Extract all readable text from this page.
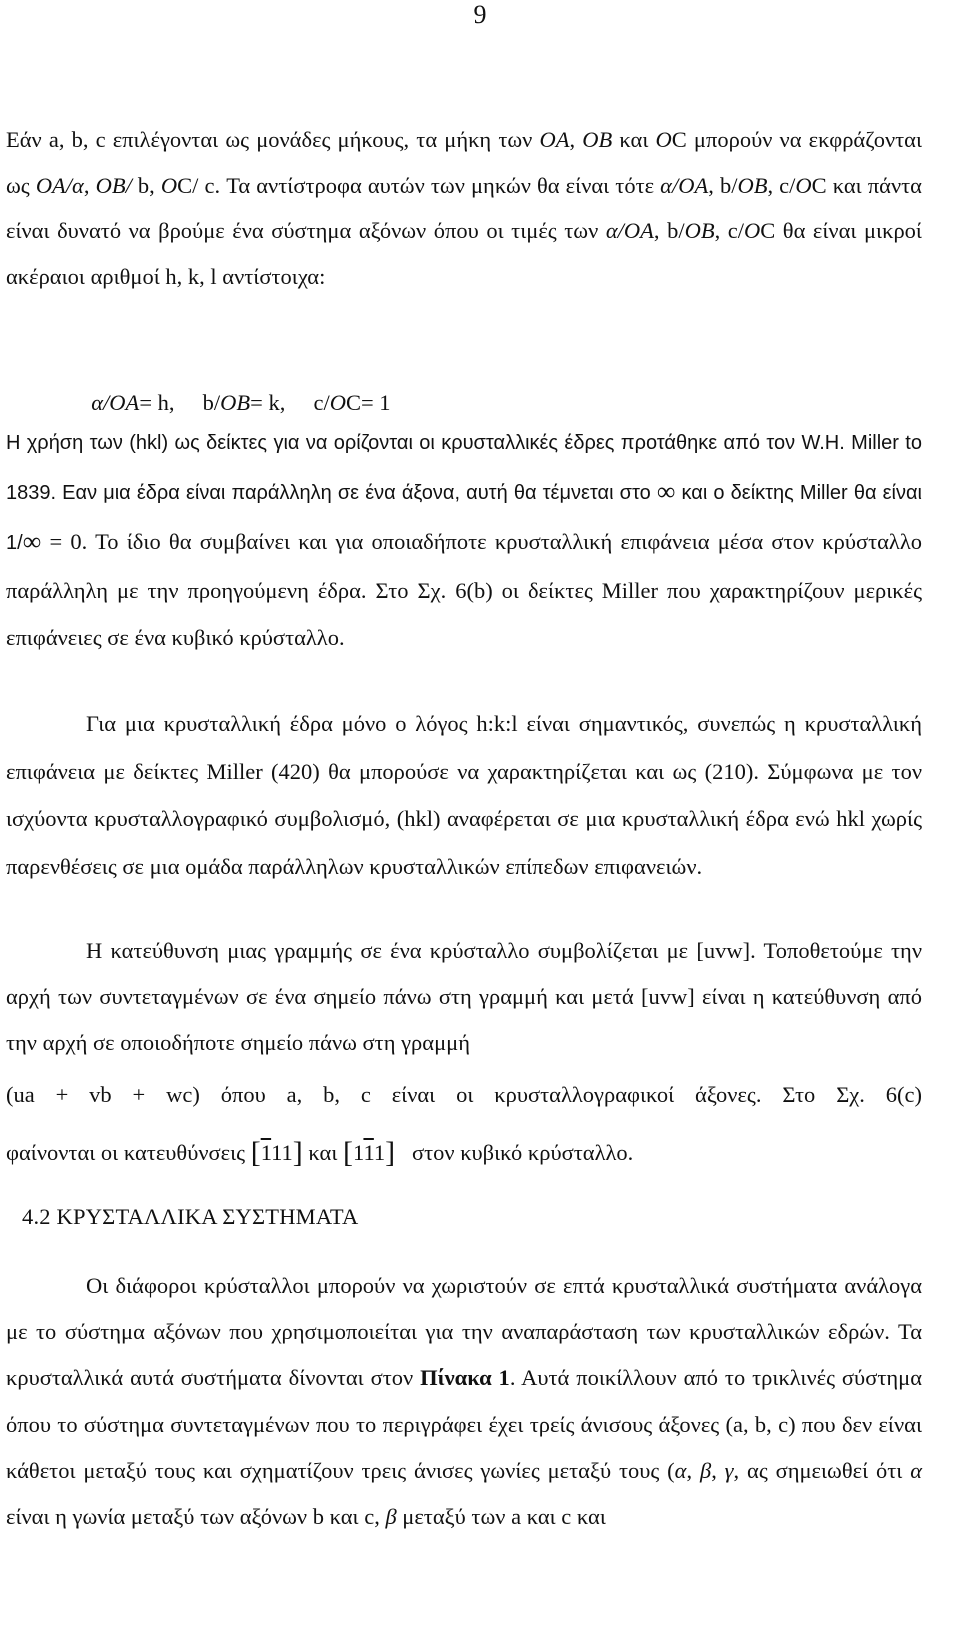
9
Εάν a, b, c επιλέγονται ως μονάδες μήκους, τα μήκη των OA, OB και OC μπορούν να εκφράζονται ως OA/α, OB/ b, OC/ c. Τα αντίστροφα αυτών των μηκών θα είναι τότε α/OA, b/OB, c/OC και πάντα είναι δυνατό να βρούμε ένα σύστημα αξόνων όπου οι τιμές των α/OA, b/OB, c/OC θα είναι μικροί ακέραιοι αριθμοί h, k, l αντίστοιχα:

α/OA= h, b/OB= k, c/OC= 1

Η χρήση των (hkl) ως δείκτες για να ορίζονται οι κρυσταλλικές έδρες προτάθηκε από τον W.H. Miller to 1839. Εαν μια έδρα είναι παράλληλη σε ένα άξονα, αυτή θα τέμνεται στο ∞ και ο δείκτης Miller θα είναι 1/∞ = 0. Το ίδιο θα συμβαίνει και για οποιαδήποτε κρυσταλλική επιφάνεια μέσα στον κρύσταλλο παράλληλη με την προηγούμενη έδρα. Στο Σχ. 6(b) οι δείκτες Miller που χαρακτηρίζουν μερικές επιφάνειες σε ένα κυβικό κρύσταλλο.
Για μια κρυσταλλική έδρα μόνο ο λόγος h:k:l είναι σημαντικός, συνεπώς η κρυσταλλική επιφάνεια με δείκτες Miller (420) θα μπορούσε να χαρακτηρίζεται και ως (210). Σύμφωνα με τον ισχύοντα κρυσταλλογραφικό συμβολισμό, (hkl) αναφέρεται σε μια κρυσταλλική έδρα ενώ hkl χωρίς παρενθέσεις σε μια ομάδα παράλληλων κρυσταλλικών επίπεδων επιφανειών.
Η κατεύθυνση μιας γραμμής σε ένα κρύσταλλο συμβολίζεται με [uvw]. Τοποθετούμε την αρχή των συντεταγμένων σε ένα σημείο πάνω στη γραμμή και μετά [uvw] είναι η κατεύθυνση από την αρχή σε οποιοδήποτε σημείο πάνω στη γραμμή
(ua + vb + wc) όπου a, b, c είναι οι κρυσταλλογραφικοί άξονες. Στο Σχ. 6(c)
φαίνονται οι κατευθύνσεις [111] και [111]   στον κυβικό κρύσταλλο.
4.2 ΚΡΥΣΤΑΛΛΙΚΑ ΣΥΣΤΗΜΑΤΑ
Οι διάφοροι κρύσταλλοι μπορούν να χωριστούν σε επτά κρυσταλλικά συστήματα ανάλογα με το σύστημα αξόνων που χρησιμοποιείται για την αναπαράσταση των κρυσταλλικών εδρών. Τα κρυσταλλικά αυτά συστήματα δίνονται στον Πίνακα 1. Αυτά ποικίλλουν από το τρικλινές σύστημα όπου το σύστημα συντεταγμένων που το περιγράφει έχει τρείς άνισους άξονες (a, b, c) που δεν είναι κάθετοι μεταξύ τους και σχηματίζουν τρεις άνισες γωνίες μεταξύ τους (α, β, γ, ας σημειωθεί ότι α είναι η γωνία μεταξύ των αξόνων b και c, β μεταξύ των a και c και
